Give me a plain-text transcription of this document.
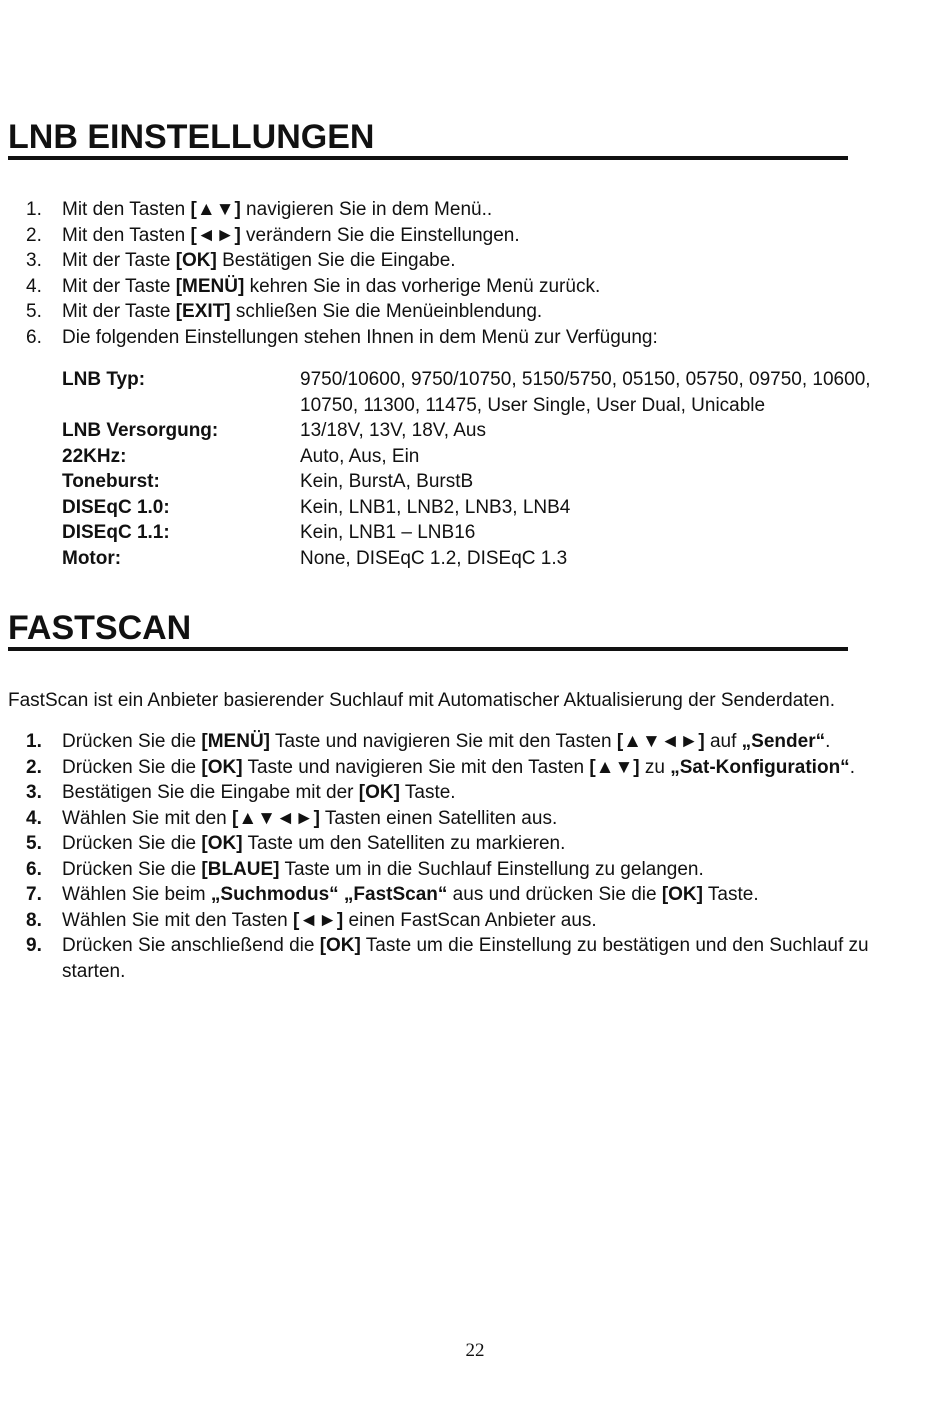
LNB EINSTELLUNGEN
1. Mit den Tasten [▲▼] navigieren Sie in dem Menü..
2. Mit den Tasten [◄►] verändern Sie die Einstellungen.
3. Mit der Taste [OK] Bestätigen Sie die Eingabe.
4. Mit der Taste [MENÜ] kehren Sie in das vorherige Menü zurück.
5. Mit der Taste [EXIT] schließen Sie die Menüeinblendung.
6. Die folgenden Einstellungen stehen Ihnen in dem Menü zur Verfügung:
LNB Typ:	9750/10600, 9750/10750, 5150/5750, 05150, 05750, 09750, 10600, 10750, 11300, 11475, User Single, User Dual, Unicable
LNB Versorgung:	13/18V, 13V, 18V, Aus
22KHz:	Auto, Aus, Ein
Toneburst:	Kein, BurstA, BurstB
DISEqC 1.0:	Kein, LNB1, LNB2, LNB3, LNB4
DISEqC 1.1:	Kein, LNB1 – LNB16
Motor:	None, DISEqC 1.2, DISEqC 1.3
FASTSCAN
FastScan ist ein Anbieter basierender Suchlauf mit Automatischer Aktualisierung der Senderdaten.
1. Drücken Sie die [MENÜ] Taste und navigieren Sie mit den Tasten [▲▼◄►] auf „Sender“.
2. Drücken Sie die [OK] Taste und navigieren Sie mit den Tasten [▲▼] zu „Sat-Konfiguration“.
3. Bestätigen Sie die Eingabe mit der [OK] Taste.
4. Wählen Sie mit den [▲▼◄►] Tasten einen Satelliten aus.
5. Drücken Sie die [OK] Taste um den Satelliten zu markieren.
6. Drücken Sie die [BLAUE] Taste um in die Suchlauf Einstellung zu gelangen.
7. Wählen Sie beim „Suchmodus“ „FastScan“ aus und drücken Sie die [OK] Taste.
8. Wählen Sie mit den Tasten [◄►] einen FastScan Anbieter aus.
9. Drücken Sie anschließend die [OK] Taste um die Einstellung zu bestätigen und den Suchlauf zu starten.
22
